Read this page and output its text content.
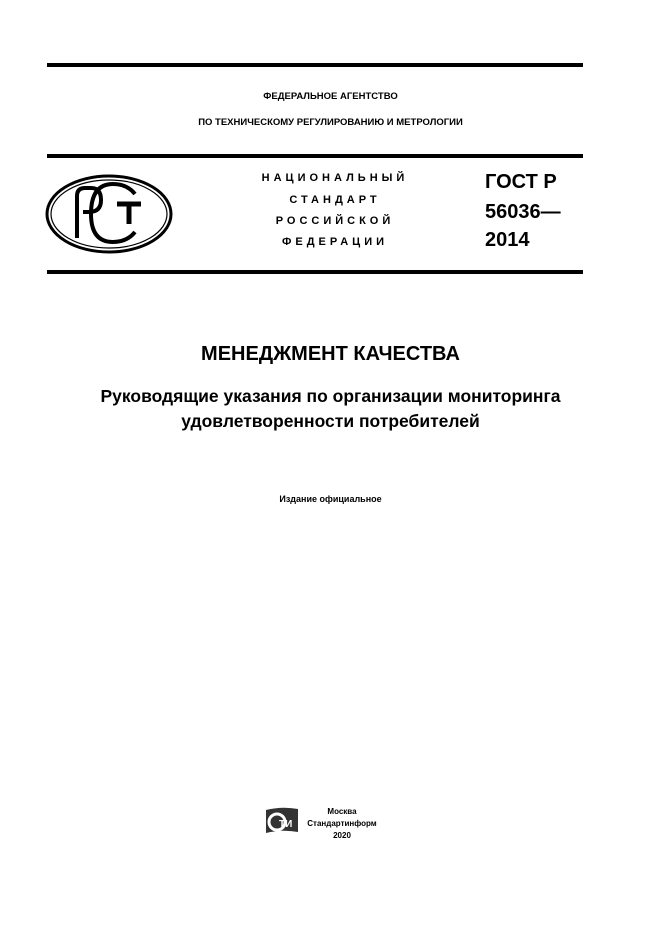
ФЕДЕРАЛЬНОЕ АГЕНТСТВО
ПО ТЕХНИЧЕСКОМУ РЕГУЛИРОВАНИЮ И МЕТРОЛОГИИ
НАЦИОНАЛЬНЫЙ
СТАНДАРТ
РОССИЙСКОЙ
ФЕДЕРАЦИИ
ГОСТ Р
56036—
2014
МЕНЕДЖМЕНТ КАЧЕСТВА
Руководящие указания по организации мониторинга
удовлетворенности потребителей
Издание официальное
ТИ
Москва
Стандартинформ
2020
